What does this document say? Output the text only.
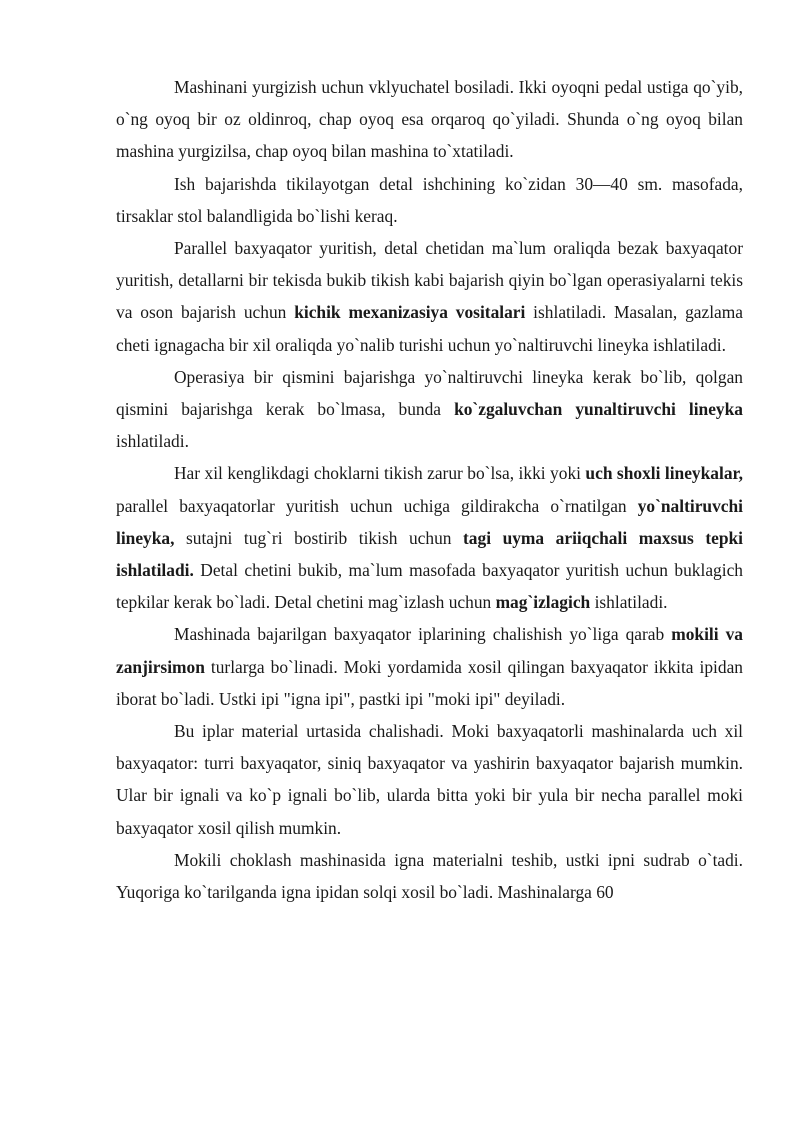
Mashinani yurgizish uchun vklyuchatel bosiladi. Ikki oyoqni pedal ustiga qo`yib, o`ng oyoq bir oz oldinroq, chap oyoq esa orqaroq qo`yiladi. Shunda o`ng oyoq bilan mashina yurgizilsa, chap oyoq bilan mashina to`xtatiladi.

Ish bajarishda tikilayotgan detal ishchining ko`zidan 30—40 sm. masofada, tirsaklar stol balandligida bo`lishi keraq.

Parallel baxyaqator yuritish, detal chetidan ma`lum oraliqda bezak baxyaqator yuritish, detallarni bir tekisda bukib tikish kabi bajarish qiyin bo`lgan operasiyalarni tekis va oson bajarish uchun kichik mexanizasiya vositalari ishlatiladi. Masalan, gazlama cheti ignagacha bir xil oraliqda yo`nalib turishi uchun yo`naltiruvchi lineyka ishlatiladi.

Operasiya bir qismini bajarishga yo`naltiruvchi lineyka kerak bo`lib, qolgan qismini bajarishga kerak bo`lmasa, bunda ko`zgaluvchan yunaltiruvchi lineyka ishlatiladi.

Har xil kenglikdagi choklarni tikish zarur bo`lsa, ikki yoki uch shoxli lineykalar, parallel baxyaqatorlar yuritish uchun uchiga gildirakcha o`rnatilgan yo`naltiruvchi lineyka, sutajni tug`ri bostirib tikish uchun tagi uyma ariiqchali maxsus tepki ishlatiladi. Detal chetini bukib, ma`lum masofada baxyaqator yuritish uchun buklagich tepkilar kerak bo`ladi. Detal chetini mag`izlash uchun mag`izlagich ishlatiladi.

Mashinada bajarilgan baxyaqator iplarining chalishish yo`liga qarab mokili va zanjirsimon turlarga bo`linadi. Moki yordamida xosil qilingan baxyaqator ikkita ipidan iborat bo`ladi. Ustki ipi "igna ipi", pastki ipi "moki ipi" deyiladi.

Bu iplar material urtasida chalishadi. Moki baxyaqatorli mashinalarda uch xil baxyaqator: turri baxyaqator, siniq baxyaqator va yashirin baxyaqator bajarish mumkin. Ular bir ignali va ko`p ignali bo`lib, ularda bitta yoki bir yula bir necha parallel moki baxyaqator xosil qilish mumkin.

Mokili choklash mashinasida igna materialni teshib, ustki ipni sudrab o`tadi. Yuqoriga ko`tarilganda igna ipidan solqi xosil bo`ladi. Mashinalarga 60
